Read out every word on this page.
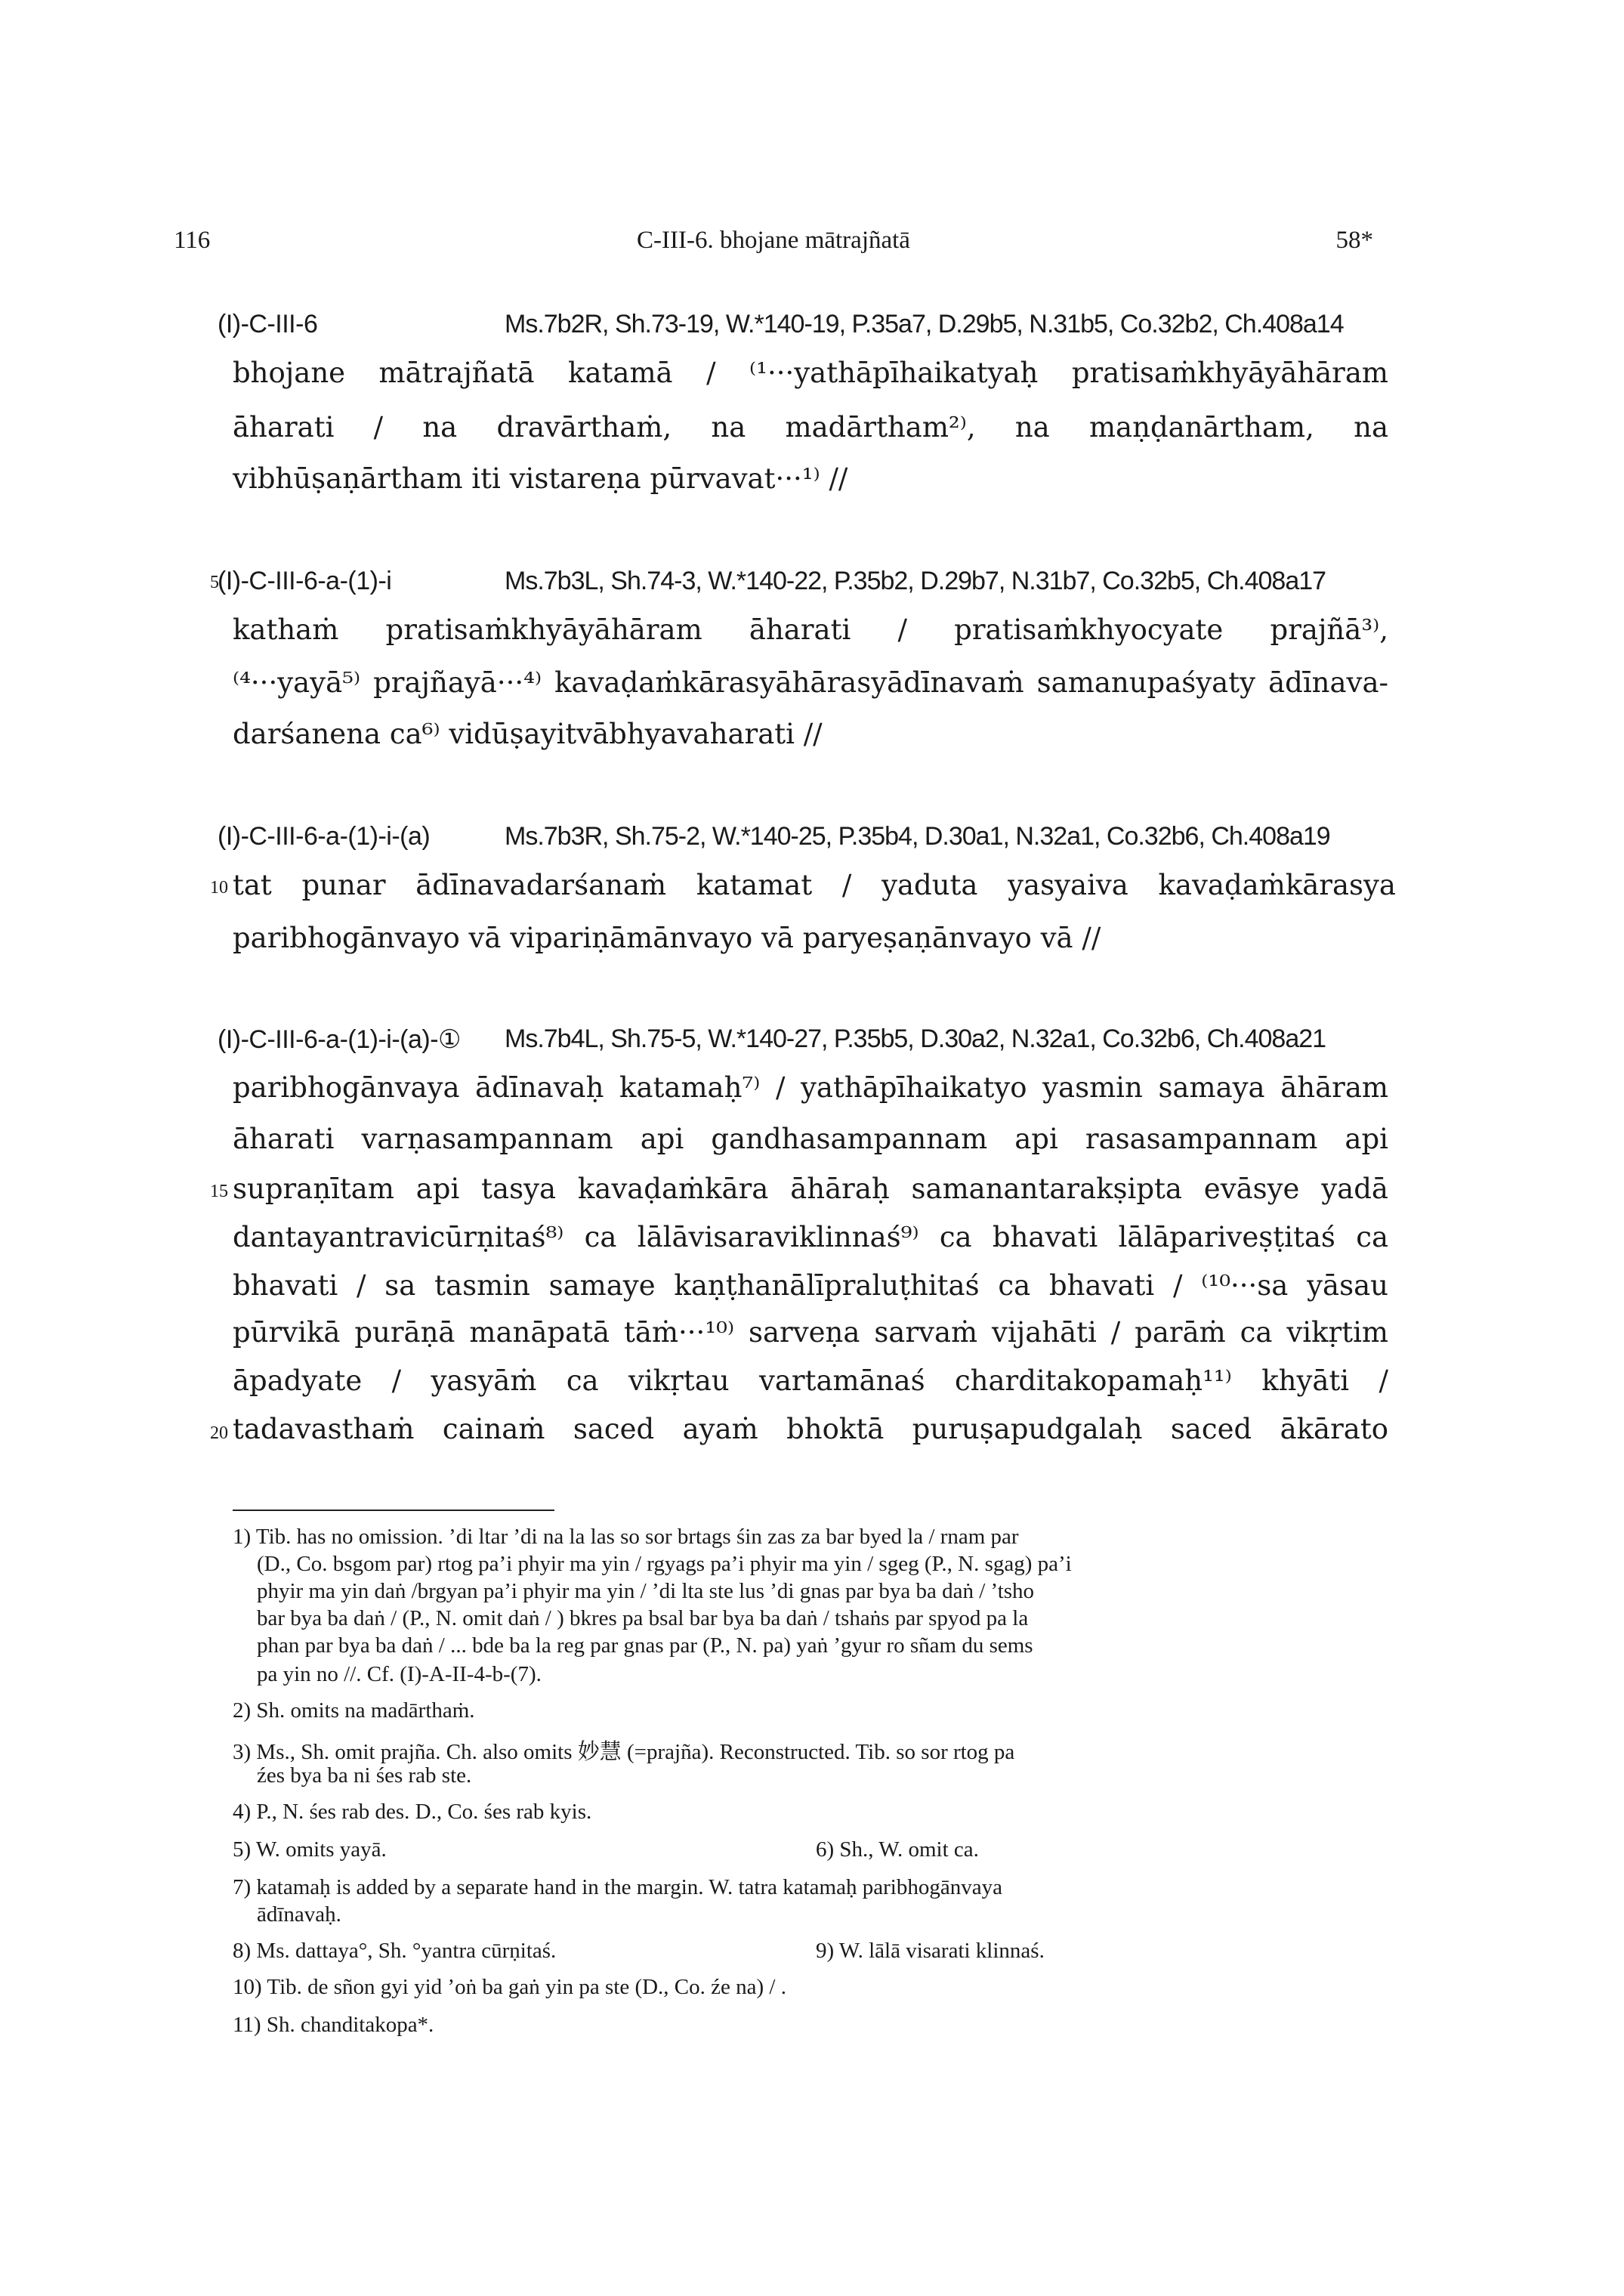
116	C-III-6. bhojane mātrajñatā	58*
(I)-C-III-6	Ms.7b2R, Sh.73-19, W.*140-19, P.35a7, D.29b5, N.31b5, Co.32b2, Ch.408a14
bhojane mātrajñatā katamā / ⁽¹···yathāpīhaikatyaḥ pratisaṁkhyāyāhāram
āharati / na dravārthaṁ, na madārtham²⁾, na maṇḍanārtham, na
vibhūṣaṇārtham iti vistareṇa pūrvavat···¹⁾ //
5
(I)-C-III-6-a-(1)-i	Ms.7b3L, Sh.74-3, W.*140-22, P.35b2, D.29b7, N.31b7, Co.32b5, Ch.408a17
kathaṁ pratisaṁkhyāyāhāram āharati / pratisaṁkhyocyate prajñā³⁾,
⁽⁴···yayā⁵⁾ prajñayā···⁴⁾ kavaḍaṁkārasyāhārasyādīnavaṁ samanupaśyaty ādīnava-
darśanena ca⁶⁾ vidūṣayitvābhyavaharati //
(I)-C-III-6-a-(1)-i-(a)	Ms.7b3R, Sh.75-2, W.*140-25, P.35b4, D.30a1, N.32a1, Co.32b6, Ch.408a19
10 tat punar ādīnavadarśanaṁ katamat / yaduta yasyaiva kavaḍaṁkārasya
paribhogānvayo vā vipariṇāmānvayo vā paryeṣaṇānvayo vā //
(I)-C-III-6-a-(1)-i-(a)-① Ms.7b4L, Sh.75-5, W.*140-27, P.35b5, D.30a2, N.32a1, Co.32b6, Ch.408a21
paribhogānvaya ādīnavaḥ katamaḥ⁷⁾ / yathāpīhaikatyo yasmin samaya āhāram
āharati varṇasampannam api gandhasampannam api rasasampannam api
15 supraṇītam api tasya kavaḍaṁkāra āhāraḥ samanantarakṣipta evāsye yadā
dantayantravicūrṇitaś⁸⁾ ca lālāvisaraviklinnaś⁹⁾ ca bhavati lālāpariveṣṭitaś ca
bhavati / sa tasmin samaye kaṇṭhanālīpraluṭhitaś ca bhavati / ⁽¹⁰···sa yāsau
pūrvikā purāṇā manāpatā tāṁ···¹⁰⁾ sarveṇa sarvaṁ vijahāti / parāṁ ca vikṛtim
āpadyate / yasyāṁ ca vikṛtau vartamānaś charditakopamaḥ¹¹⁾ khyāti /
20 tadavasthaṁ cainaṁ saced ayaṁ bhoktā puruṣapudgalaḥ saced ākārato
1) Tib. has no omission. ’di ltar ’di na la las so sor brtags śin zas za bar byed la / rnam par
(D., Co. bsgom par) rtog pa’i phyir ma yin / rgyags pa’i phyir ma yin / sgeg (P., N. sgag) pa’i
phyir ma yin daṅ /brgyan pa’i phyir ma yin / ’di lta ste lus ’di gnas par bya ba daṅ / ’tsho
bar bya ba daṅ / (P., N. omit daṅ / ) bkres pa bsal bar bya ba daṅ / tshaṅs par spyod pa la
phan par bya ba daṅ / ... bde ba la reg par gnas par (P., N. pa) yaṅ ’gyur ro sñam du sems
pa yin no //. Cf. (I)-A-II-4-b-(7).
2) Sh. omits na madārthaṁ.
3) Ms., Sh. omit prajña. Ch. also omits 妙慧 (=prajña). Reconstructed. Tib. so sor rtog pa
źes bya ba ni śes rab ste.
4) P., N. śes rab des. D., Co. śes rab kyis.
5) W. omits yayā.	6) Sh., W. omit ca.
7) katamaḥ is added by a separate hand in the margin. W. tatra katamaḥ paribhogānvaya
ādīnavaḥ.
8) Ms. dattaya°, Sh. °yantra cūrṇitaś.	9) W. lālā visarati klinnaś.
10) Tib. de sñon gyi yid ’oṅ ba gaṅ yin pa ste (D., Co. źe na) / .
11) Sh. chanditakopa*.
